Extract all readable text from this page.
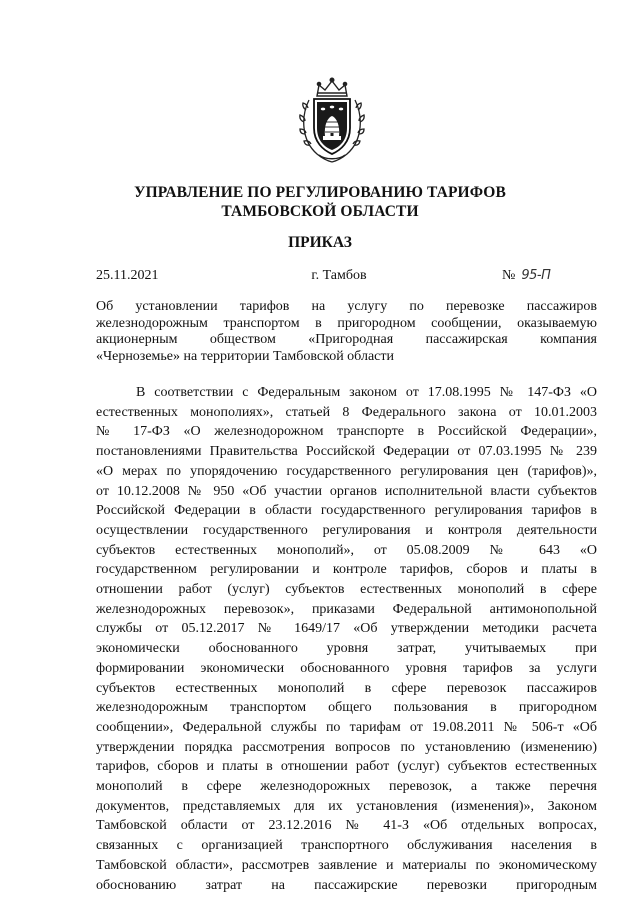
УПРАВЛЕНИЕ ПО РЕГУЛИРОВАНИЮ ТАРИФОВ
ТАМБОВСКОЙ ОБЛАСТИ
ПРИКАЗ
25.11.2021	г. Тамбов	№ 95-П
Об установлении тарифов на услугу по перевозке пассажиров
железнодорожным транспортом в пригородном сообщении, оказываемую
акционерным обществом «Пригородная пассажирская компания
«Черноземье» на территории Тамбовской области
В соответствии с Федеральным законом от 17.08.1995 № 147-ФЗ «О
естественных монополиях», статьей 8 Федерального закона от 10.01.2003
№ 17-ФЗ «О железнодорожном транспорте в Российской Федерации»,
постановлениями Правительства Российской Федерации от 07.03.1995 № 239
«О мерах по упорядочению государственного регулирования цен (тарифов)»,
от 10.12.2008 № 950 «Об участии органов исполнительной власти субъектов
Российской Федерации в области государственного регулирования тарифов в
осуществлении государственного регулирования и контроля деятельности
субъектов естественных монополий», от 05.08.2009 № 643 «О
государственном регулировании и контроле тарифов, сборов и платы в
отношении работ (услуг) субъектов естественных монополий в сфере
железнодорожных перевозок», приказами Федеральной антимонопольной
службы от 05.12.2017 № 1649/17 «Об утверждении методики расчета
экономически обоснованного уровня затрат, учитываемых при
формировании экономически обоснованного уровня тарифов за услуги
субъектов естественных монополий в сфере перевозок пассажиров
железнодорожным транспортом общего пользования в пригородном
сообщении», Федеральной службы по тарифам от 19.08.2011 № 506-т «Об
утверждении порядка рассмотрения вопросов по установлению (изменению)
тарифов, сборов и платы в отношении работ (услуг) субъектов естественных
монополий в сфере железнодорожных перевозок, а также перечня
документов, представляемых для их установления (изменения)», Законом
Тамбовской области от 23.12.2016 № 41-З «Об отдельных вопросах,
связанных с организацией транспортного обслуживания населения в
Тамбовской области», рассмотрев заявление и материалы по экономическому
обоснованию затрат на пассажирские перевозки пригородным
